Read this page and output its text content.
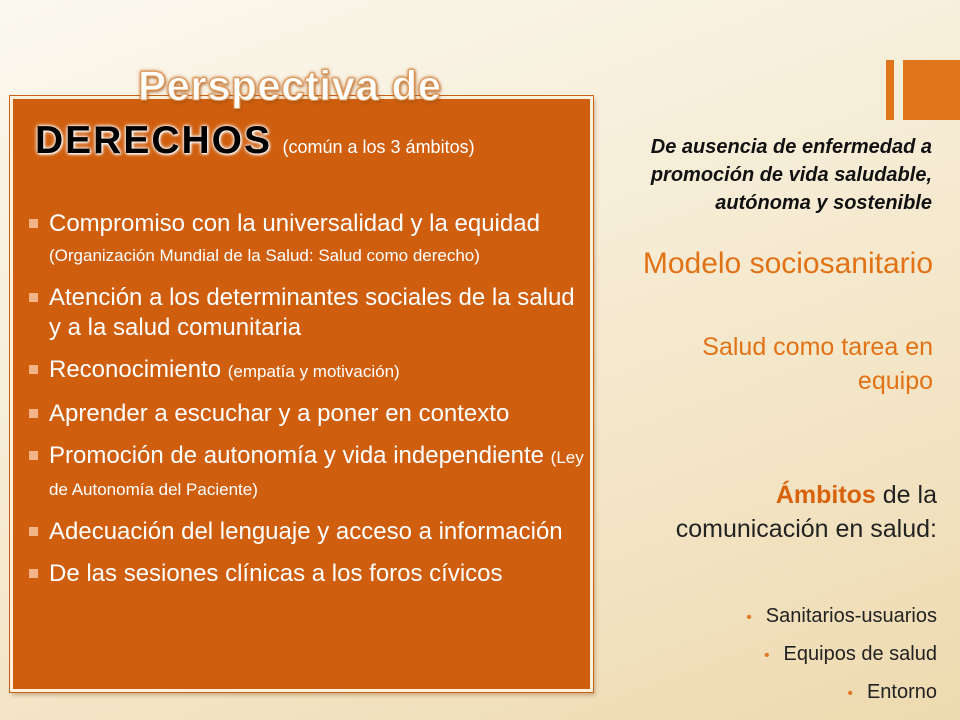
DERECHOS (común a los 3 ámbitos)
Compromiso con la universalidad y la equidad (Organización Mundial de la Salud: Salud como derecho)
Atención a los determinantes sociales de la salud y a la salud comunitaria
Reconocimiento (empatía y motivación)
Aprender a escuchar y a poner en contexto
Promoción de autonomía y vida independiente (Ley de Autonomía del Paciente)
Adecuación del lenguaje y acceso a información
De las sesiones clínicas a los foros cívicos
Perspectiva de
Modelo sociosanitario
De ausencia de enfermedad a promoción de vida saludable, autónoma y sostenible
Salud como tarea en equipo
Ámbitos de la comunicación en salud:
• Sanitarios-usuarios
• Equipos de salud
• Entorno
